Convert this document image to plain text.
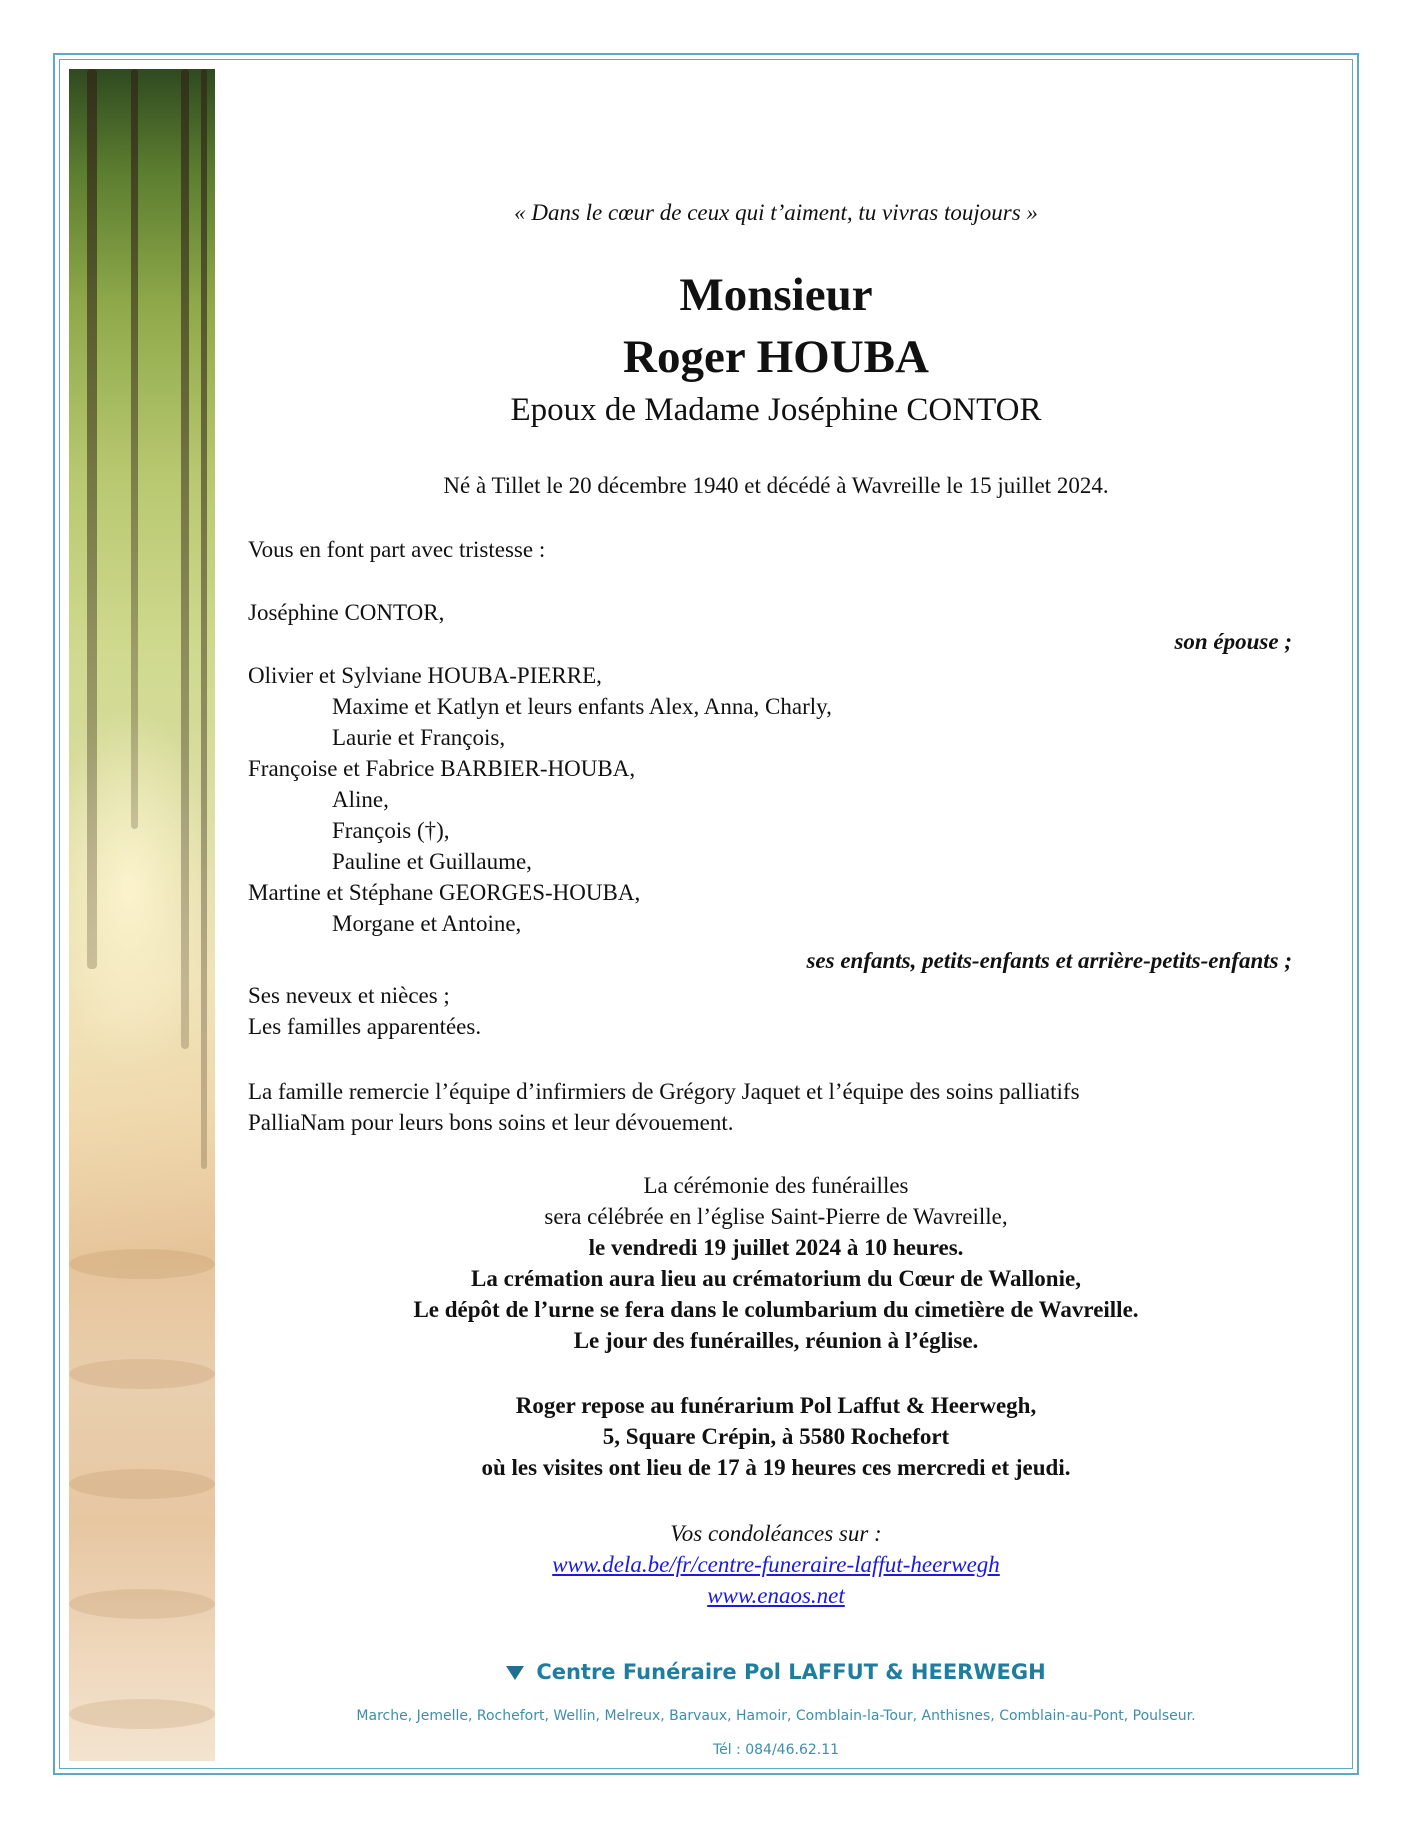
« Dans le cœur de ceux qui t’aiment, tu vivras toujours »
Monsieur
Roger HOUBA
Epoux de Madame Joséphine CONTOR
Né à Tillet le 20 décembre 1940 et décédé à Wavreille le 15 juillet 2024.
Vous en font part avec tristesse :
Joséphine CONTOR,
son épouse ;
Olivier et Sylviane HOUBA-PIERRE,
Maxime et Katlyn et leurs enfants Alex, Anna, Charly,
Laurie et François,
Françoise et Fabrice BARBIER-HOUBA,
Aline,
François (†),
Pauline et Guillaume,
Martine et Stéphane GEORGES-HOUBA,
Morgane et Antoine,
ses enfants, petits-enfants et arrière-petits-enfants ;
Ses neveux et nièces ;
Les familles apparentées.
La famille remercie l’équipe d’infirmiers de Grégory Jaquet et l’équipe des soins palliatifs
PalliaNam pour leurs bons soins et leur dévouement.
La cérémonie des funérailles
sera célébrée en l’église Saint-Pierre de Wavreille,
le vendredi 19 juillet 2024 à 10 heures.
La crémation aura lieu au crématorium du Cœur de Wallonie,
Le dépôt de l’urne se fera dans le columbarium du cimetière de Wavreille.
Le jour des funérailles, réunion à l’église.
Roger repose au funérarium Pol Laffut & Heerwegh,
5, Square Crépin, à 5580 Rochefort
où les visites ont lieu de 17 à 19 heures ces mercredi et jeudi.
Vos condoléances sur :
www.dela.be/fr/centre-funeraire-laffut-heerwegh
www.enaos.net
Centre Funéraire Pol LAFFUT & HEERWEGH
Marche, Jemelle, Rochefort, Wellin, Melreux, Barvaux, Hamoir, Comblain-la-Tour, Anthisnes, Comblain-au-Pont, Poulseur.
Tél : 084/46.62.11
